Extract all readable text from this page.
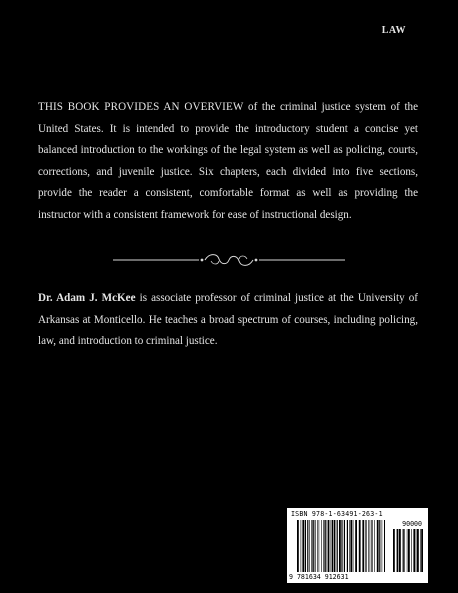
LAW

THIS BOOK PROVIDES AN OVERVIEW of the criminal justice system of the United States. It is intended to provide the introductory student a concise yet balanced introduction to the workings of the legal system as well as policing, courts, corrections, and juvenile justice. Six chapters, each divided into five sections, provide the reader a consistent, comfortable format as well as providing the instructor with a consistent framework for ease of instructional design.

Dr. Adam J. McKee is associate professor of criminal justice at the University of Arkansas at Monticello. He teaches a broad spectrum of courses, including policing, law, and introduction to criminal justice.

ISBN 978-1-63491-263-1
90000
9 781634 912631
